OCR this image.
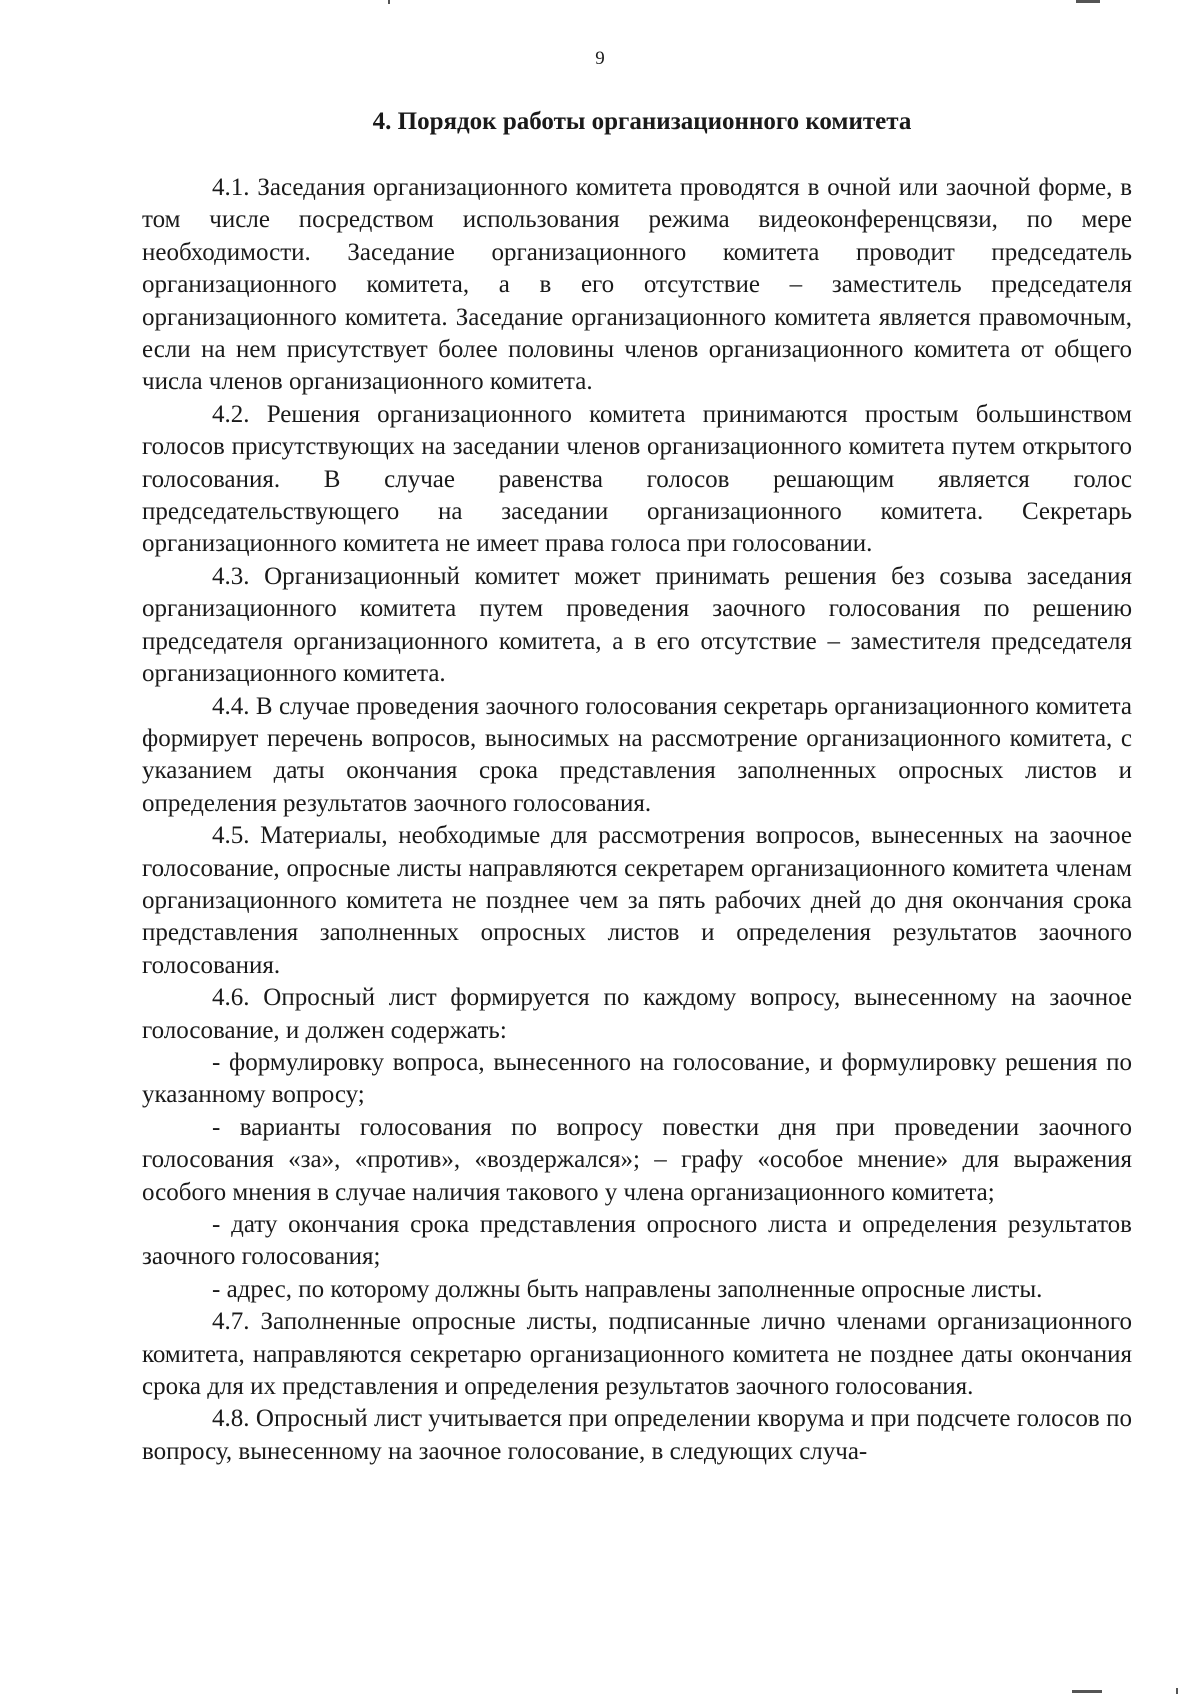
9
4. Порядок работы организационного комитета

4.1. Заседания организационного комитета проводятся в очной или заочной форме, в том числе посредством использования режима видеоконференцсвязи, по мере необходимости. Заседание организационного комитета проводит председатель организационного комитета, а в его отсутствие – заместитель председателя организационного комитета. Заседание организационного комитета является правомочным, если на нем присутствует более половины членов организационного комитета от общего числа членов организационного комитета.

4.2. Решения организационного комитета принимаются простым большинством голосов присутствующих на заседании членов организационного комитета путем открытого голосования. В случае равенства голосов решающим является голос председательствующего на заседании организационного комитета. Секретарь организационного комитета не имеет права голоса при голосовании.

4.3. Организационный комитет может принимать решения без созыва заседания организационного комитета путем проведения заочного голосования по решению председателя организационного комитета, а в его отсутствие – заместителя председателя организационного комитета.

4.4. В случае проведения заочного голосования секретарь организационного комитета формирует перечень вопросов, выносимых на рассмотрение организационного комитета, с указанием даты окончания срока представления заполненных опросных листов и определения результатов заочного голосования.

4.5. Материалы, необходимые для рассмотрения вопросов, вынесенных на заочное голосование, опросные листы направляются секретарем организационного комитета членам организационного комитета не позднее чем за пять рабочих дней до дня окончания срока представления заполненных опросных листов и определения результатов заочного голосования.

4.6. Опросный лист формируется по каждому вопросу, вынесенному на заочное голосование, и должен содержать:

- формулировку вопроса, вынесенного на голосование, и формулировку решения по указанному вопросу;

- варианты голосования по вопросу повестки дня при проведении заочного голосования «за», «против», «воздержался»; – графу «особое мнение» для выражения особого мнения в случае наличия такового у члена организационного комитета;

- дату окончания срока представления опросного листа и определения результатов заочного голосования;

- адрес, по которому должны быть направлены заполненные опросные листы.

4.7. Заполненные опросные листы, подписанные лично членами организационного комитета, направляются секретарю организационного комитета не позднее даты окончания срока для их представления и определения результатов заочного голосования.

4.8. Опросный лист учитывается при определении кворума и при подсчете голосов по вопросу, вынесенному на заочное голосование, в следующих случа-
